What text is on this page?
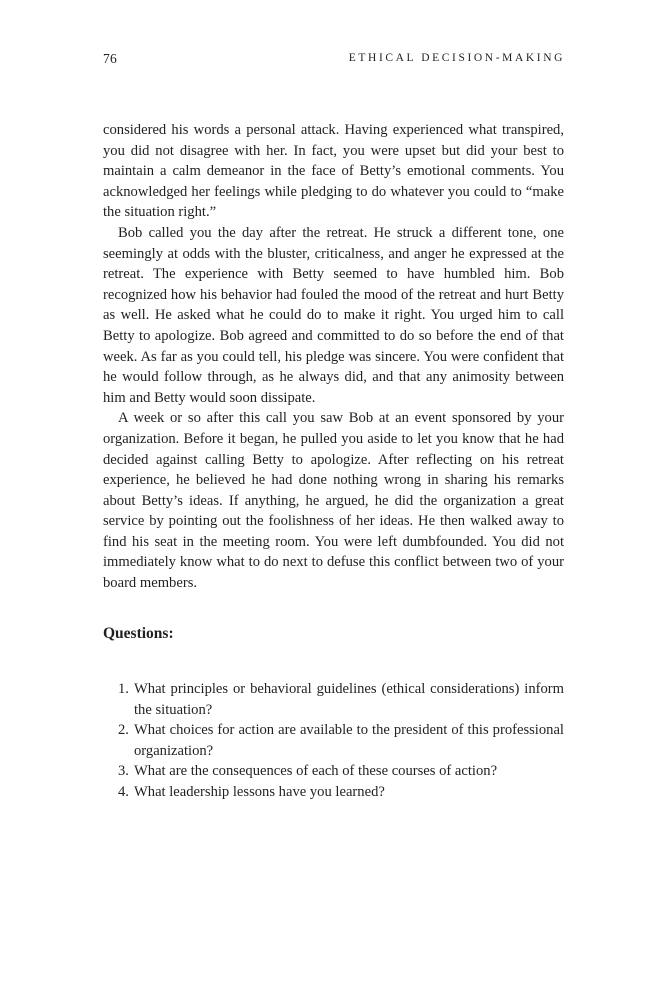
76	ETHICAL DECISION-MAKING

considered his words a personal attack. Having experienced what transpired, you did not disagree with her. In fact, you were upset but did your best to maintain a calm demeanor in the face of Betty’s emotional comments. You acknowledged her feelings while pledging to do whatever you could to “make the situation right.”

Bob called you the day after the retreat. He struck a different tone, one seemingly at odds with the bluster, criticalness, and anger he expressed at the retreat. The experience with Betty seemed to have humbled him. Bob recognized how his behavior had fouled the mood of the retreat and hurt Betty as well. He asked what he could do to make it right. You urged him to call Betty to apologize. Bob agreed and committed to do so before the end of that week. As far as you could tell, his pledge was sincere. You were confident that he would follow through, as he always did, and that any animosity between him and Betty would soon dissipate.

A week or so after this call you saw Bob at an event sponsored by your organization. Before it began, he pulled you aside to let you know that he had decided against calling Betty to apologize. After reflecting on his retreat experience, he believed he had done nothing wrong in sharing his remarks about Betty’s ideas. If anything, he argued, he did the organization a great service by pointing out the foolishness of her ideas. He then walked away to find his seat in the meeting room. You were left dumbfounded. You did not immediately know what to do next to defuse this conflict between two of your board members.

Questions:
1. What principles or behavioral guidelines (ethical considerations) inform the situation?
2. What choices for action are available to the president of this professional organization?
3. What are the consequences of each of these courses of action?
4. What leadership lessons have you learned?
